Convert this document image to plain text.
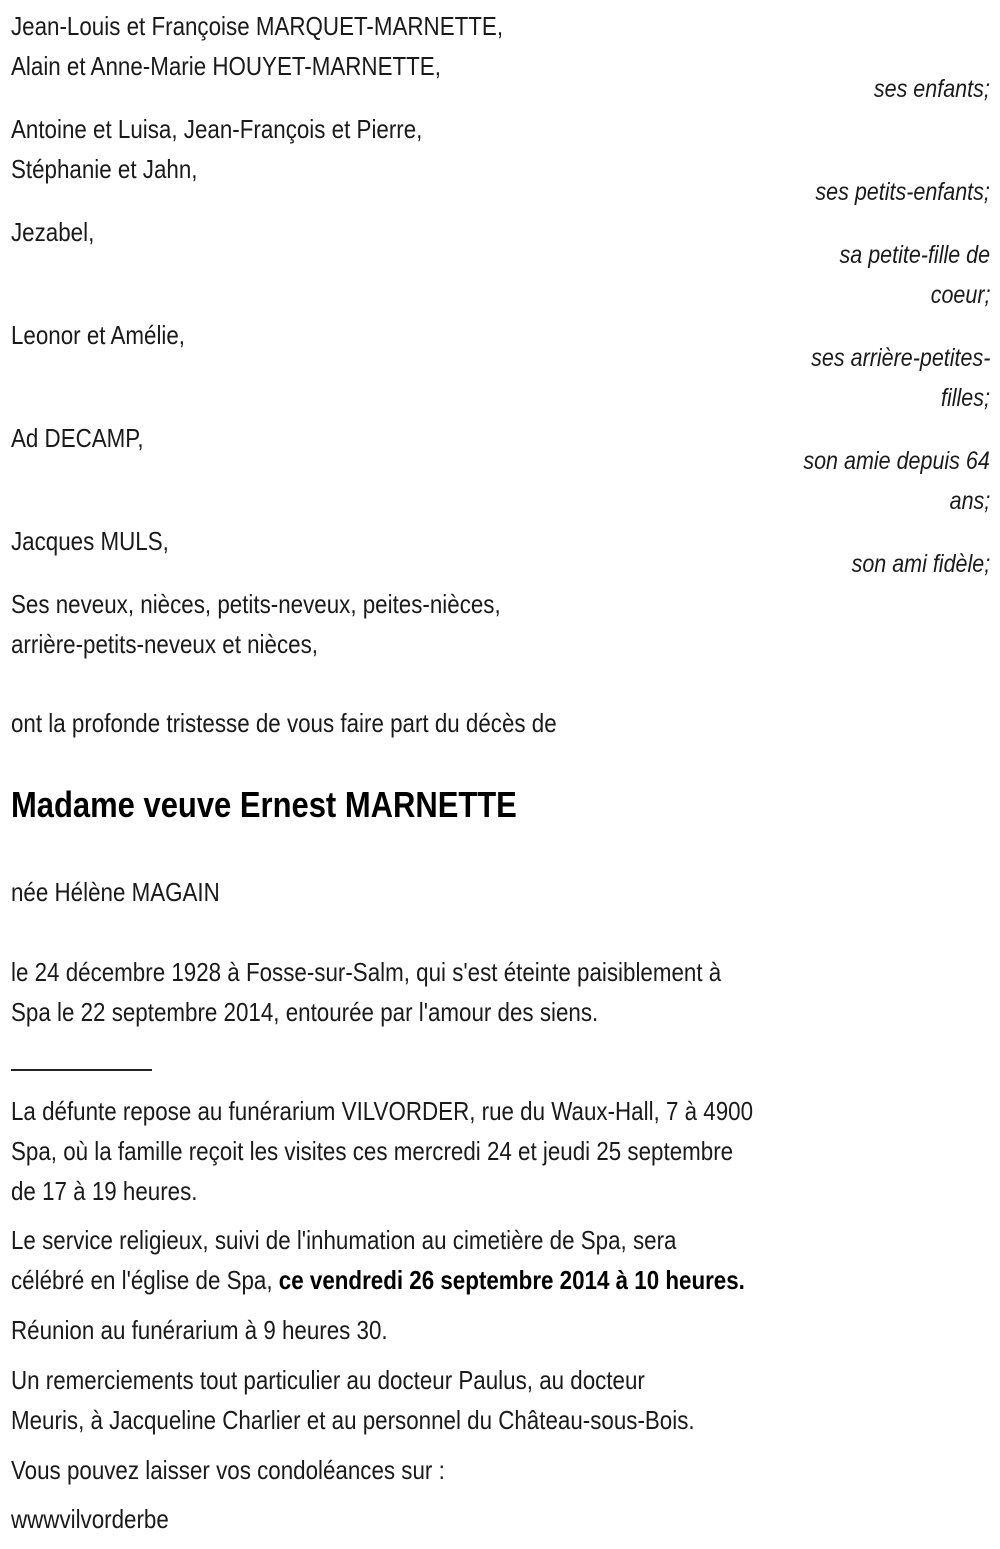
Jean-Louis et Françoise MARQUET-MARNETTE,
Alain et Anne-Marie HOUYET-MARNETTE,
ses enfants;
Antoine et Luisa, Jean-François et Pierre,
Stéphanie et Jahn,
ses petits-enfants;
Jezabel,
sa petite-fille de
coeur;
Leonor et Amélie,
ses arrière-petites-
filles;
Ad DECAMP,
son amie depuis 64
ans;
Jacques MULS,
son ami fidèle;
Ses neveux, nièces, petits-neveux, peites-nièces,
arrière-petits-neveux et nièces,
ont la profonde tristesse de vous faire part du décès de
Madame veuve Ernest MARNETTE
née Hélène MAGAIN
le 24 décembre 1928 à Fosse-sur-Salm, qui s'est éteinte paisiblement à
Spa le 22 septembre 2014, entourée par l'amour des siens.
La défunte repose au funérarium VILVORDER, rue du Waux-Hall, 7 à 4900
Spa, où la famille reçoit les visites ces mercredi 24 et jeudi 25 septembre
de 17 à 19 heures.
Le service religieux, suivi de l'inhumation au cimetière de Spa, sera
célébré en l'église de Spa, ce vendredi 26 septembre 2014 à 10 heures.
Réunion au funérarium à 9 heures 30.
Un remerciements tout particulier au docteur Paulus, au docteur
Meuris, à Jacqueline Charlier et au personnel du Château-sous-Bois.
Vous pouvez laisser vos condoléances sur :
wwwvilvorderbe
